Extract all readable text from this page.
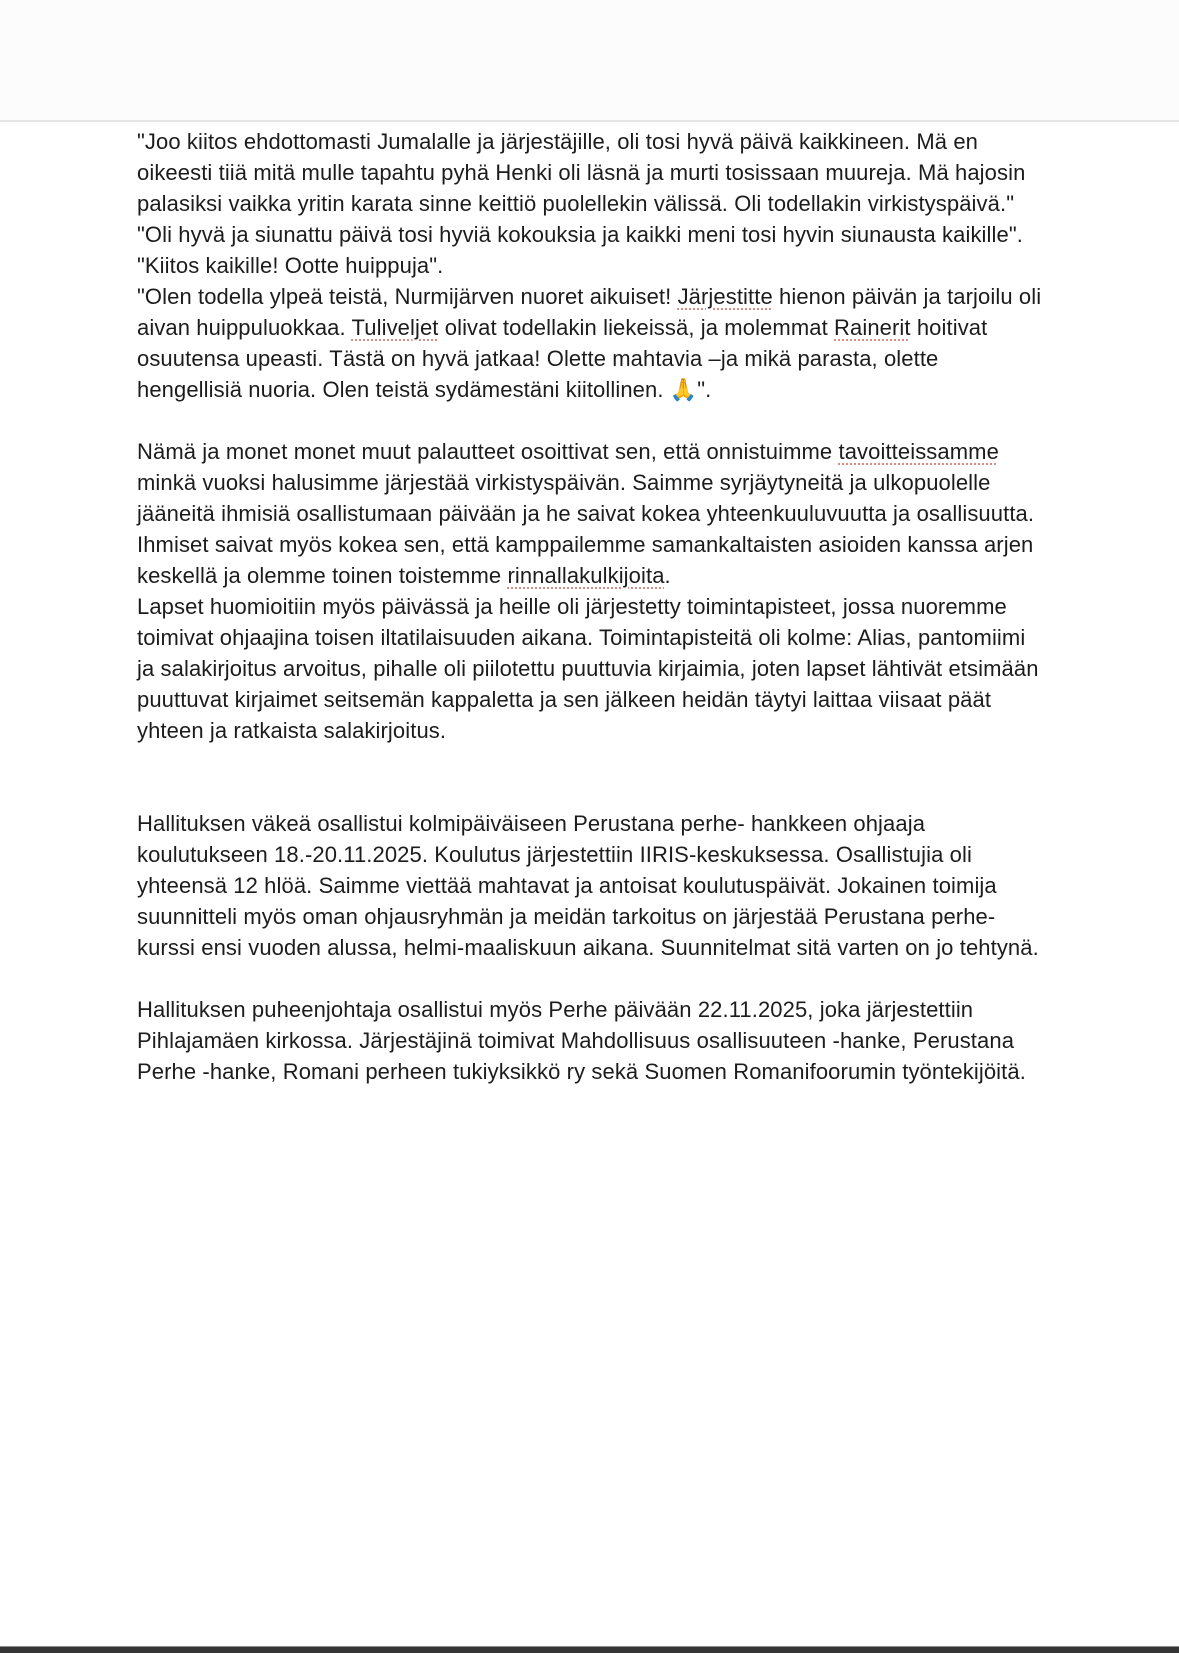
"Joo kiitos ehdottomasti Jumalalle ja järjestäjille, oli tosi hyvä päivä kaikkineen. Mä en oikeesti tiiä mitä mulle tapahtu pyhä Henki oli läsnä ja murti tosissaan muureja. Mä hajosin palasiksi vaikka yritin karata sinne keittiö puolellekin välissä. Oli todellakin virkistyspäivä."

"Oli hyvä ja siunattu päivä tosi hyviä kokouksia ja kaikki meni tosi hyvin siunausta kaikille".

"Kiitos kaikille! Ootte huippuja".

"Olen todella ylpeä teistä, Nurmijärven nuoret aikuiset! Järjestitte hienon päivän ja tarjoilu oli aivan huippuluokkaa. Tuliveljet olivat todellakin liekeissä, ja molemmat Rainerit hoitivat osuutensa upeasti. Tästä on hyvä jatkaa! Olette mahtavia –ja mikä parasta, olette hengellisiä nuoria. Olen teistä sydämestäni kiitollinen. 🙏".

Nämä ja monet monet muut palautteet osoittivat sen, että onnistuimme tavoitteissamme minkä vuoksi halusimme järjestää virkistyspäivän. Saimme syrjäytyneitä ja ulkopuolelle jääneitä ihmisiä osallistumaan päivään ja he saivat kokea yhteenkuuluvuutta ja osallisuutta. Ihmiset saivat myös kokea sen, että kamppailemme samankaltaisten asioiden kanssa arjen keskellä ja olemme toinen toistemme rinnallakulkijoita.

Lapset huomioitiin myös päivässä ja heille oli järjestetty toimintapisteet, jossa nuoremme toimivat ohjaajina toisen iltatilaisuuden aikana. Toimintapisteitä oli kolme: Alias, pantomiimi ja salakirjoitus arvoitus, pihalle oli piilotettu puuttuvia kirjaimia, joten lapset lähtivät etsimään puuttuvat kirjaimet seitsemän kappaletta ja sen jälkeen heidän täytyi laittaa viisaat päät yhteen ja ratkaista salakirjoitus.

Hallituksen väkeä osallistui kolmipäiväiseen Perustana perhe- hankkeen ohjaaja koulutukseen 18.-20.11.2025. Koulutus järjestettiin IIRIS-keskuksessa. Osallistujia oli yhteensä 12 hlöä. Saimme viettää mahtavat ja antoisat koulutuspäivät. Jokainen toimija suunnitteli myös oman ohjausryhmän ja meidän tarkoitus on järjestää Perustana perhe- kurssi ensi vuoden alussa, helmi-maaliskuun aikana. Suunnitelmat sitä varten on jo tehtynä.

Hallituksen puheenjohtaja osallistui myös Perhe päivään 22.11.2025, joka järjestettiin Pihlajamäen kirkossa. Järjestäjinä toimivat Mahdollisuus osallisuuteen -hanke, Perustana Perhe -hanke, Romani perheen tukiyksikkö ry sekä Suomen Romanifoorumin työntekijöitä.
